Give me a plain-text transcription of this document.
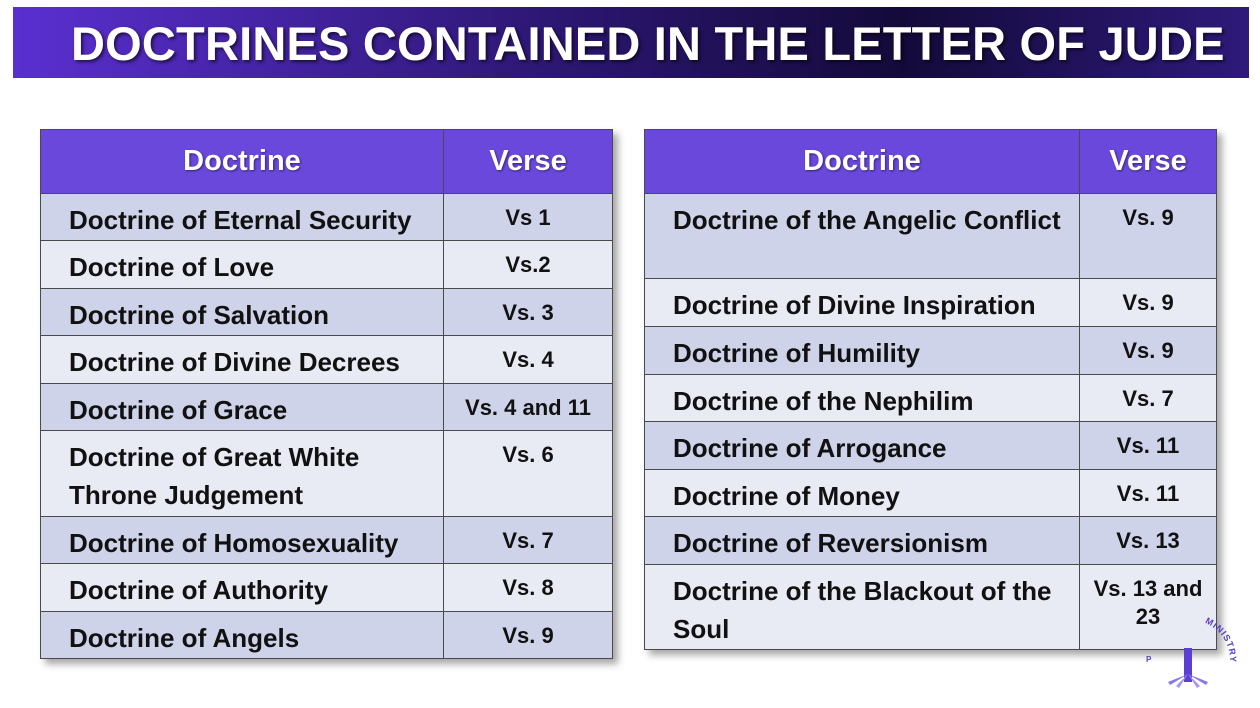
DOCTRINES CONTAINED IN THE LETTER OF JUDE
Doctrine	Verse
Doctrine of Eternal Security	Vs 1
Doctrine of Love	Vs.2
Doctrine of Salvation	Vs. 3
Doctrine of Divine Decrees	Vs. 4
Doctrine of Grace	Vs. 4 and 11
Doctrine of Great White Throne Judgement	Vs. 6
Doctrine of Homosexuality	Vs. 7
Doctrine of Authority	Vs. 8
Doctrine of Angels	Vs. 9
Doctrine	Verse
Doctrine of the Angelic Conflict	Vs. 9
Doctrine of Divine Inspiration	Vs. 9
Doctrine of Humility	Vs. 9
Doctrine of the Nephilim	Vs. 7
Doctrine of Arrogance	Vs. 11
Doctrine of Money	Vs. 11
Doctrine of Reversionism	Vs. 13
Doctrine of the Blackout of the Soul	Vs. 13 and 23	MINISTRY
P
